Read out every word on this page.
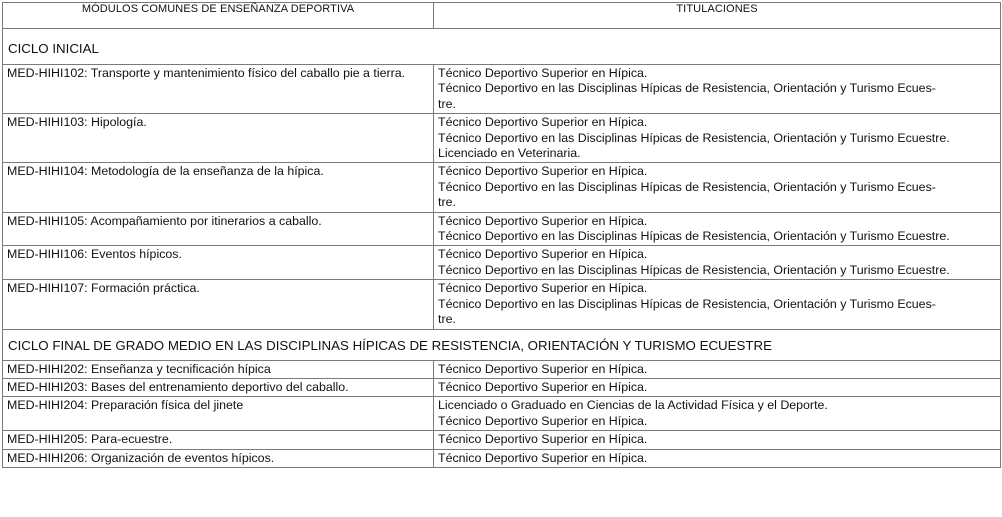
MÓDULOS COMUNES DE ENSEÑANZA DEPORTIVA	TITULACIONES
CICLO INICIAL	
MED-HIHI102: Transporte y mantenimiento físico del caballo pie a tierra.	Técnico Deportivo Superior en Hípica.
Técnico Deportivo en las Disciplinas Hípicas de Resistencia, Orientación y Turismo Ecues-
tre.

MED-HIHI103: Hipología.	Técnico Deportivo Superior en Hípica.
Técnico Deportivo en las Disciplinas Hípicas de Resistencia, Orientación y Turismo Ecuestre.
Licenciado en Veterinaria.

MED-HIHI104: Metodología de la enseñanza de la hípica.	Técnico Deportivo Superior en Hípica.
Técnico Deportivo en las Disciplinas Hípicas de Resistencia, Orientación y Turismo Ecues-
tre.

MED-HIHI105: Acompañamiento por itinerarios a caballo.	Técnico Deportivo Superior en Hípica.
Técnico Deportivo en las Disciplinas Hípicas de Resistencia, Orientación y Turismo Ecuestre.

MED-HIHI106: Eventos hípicos.	Técnico Deportivo Superior en Hípica.
Técnico Deportivo en las Disciplinas Hípicas de Resistencia, Orientación y Turismo Ecuestre.

MED-HIHI107: Formación práctica.	Técnico Deportivo Superior en Hípica.
Técnico Deportivo en las Disciplinas Hípicas de Resistencia, Orientación y Turismo Ecues-
tre.

CICLO FINAL DE GRADO MEDIO EN LAS DISCIPLINAS HÍPICAS DE RESISTENCIA, ORIENTACIÓN Y TURISMO ECUESTRE	
MED-HIHI202: Enseñanza y tecnificación hípica	Técnico Deportivo Superior en Hípica.

MED-HIHI203: Bases del entrenamiento deportivo del caballo.	Técnico Deportivo Superior en Hípica.

MED-HIHI204: Preparación física del jinete	Licenciado o Graduado en Ciencias de la Actividad Física y el Deporte.
Técnico Deportivo Superior en Hípica.

MED-HIHI205: Para-ecuestre.	Técnico Deportivo Superior en Hípica.

MED-HIHI206: Organización de eventos hípicos.	Técnico Deportivo Superior en Hípica.
